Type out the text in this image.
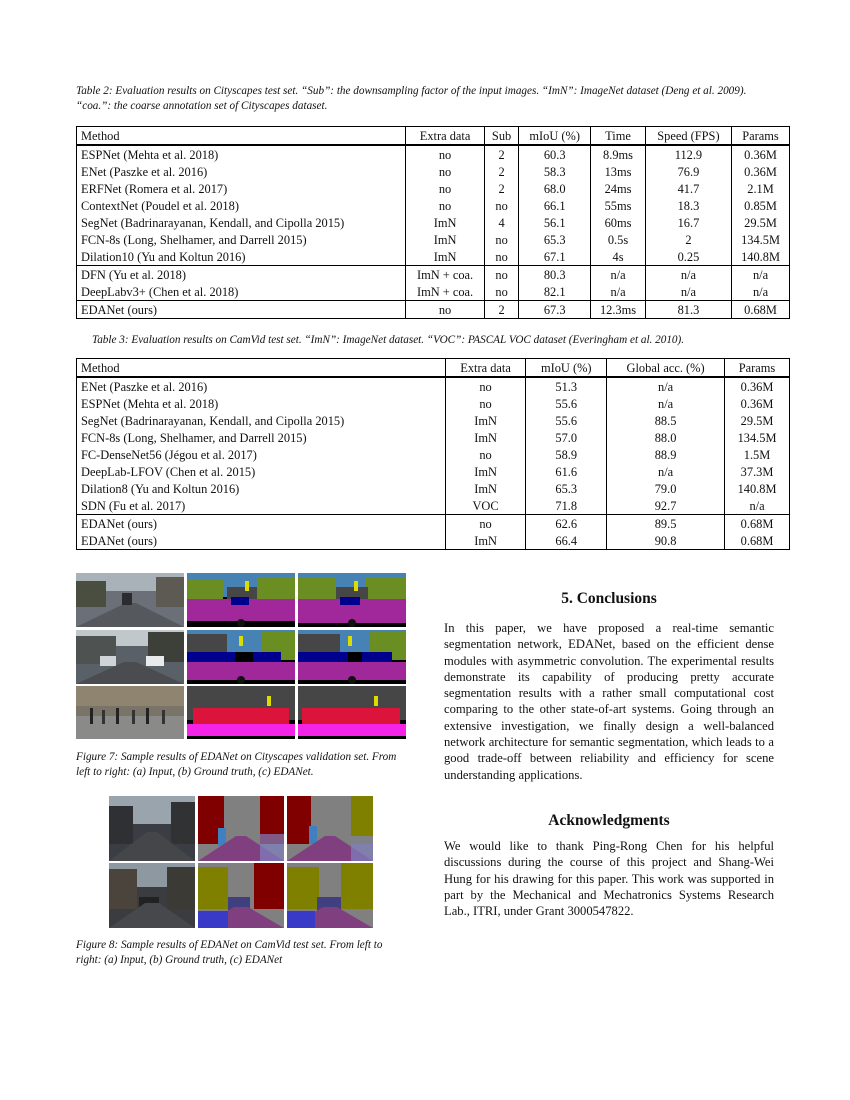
Table 2: Evaluation results on Cityscapes test set. “Sub”: the downsampling factor of the input images. “ImN”: ImageNet dataset (Deng et al. 2009). “coa.”: the coarse annotation set of Cityscapes dataset.
Method	Extra data	Sub	mIoU (%)	Time	Speed (FPS)	Params
ESPNet (Mehta et al. 2018)	no	2	60.3	8.9ms	112.9	0.36M
ENet (Paszke et al. 2016)	no	2	58.3	13ms	76.9	0.36M
ERFNet (Romera et al. 2017)	no	2	68.0	24ms	41.7	2.1M
ContextNet (Poudel et al. 2018)	no	no	66.1	55ms	18.3	0.85M
SegNet (Badrinarayanan, Kendall, and Cipolla 2015)	ImN	4	56.1	60ms	16.7	29.5M
FCN-8s (Long, Shelhamer, and Darrell 2015)	ImN	no	65.3	0.5s	2	134.5M
Dilation10 (Yu and Koltun 2016)	ImN	no	67.1	4s	0.25	140.8M
DFN (Yu et al. 2018)	ImN + coa.	no	80.3	n/a	n/a	n/a
DeepLabv3+ (Chen et al. 2018)	ImN + coa.	no	82.1	n/a	n/a	n/a
EDANet (ours)	no	2	67.3	12.3ms	81.3	0.68M
Table 3: Evaluation results on CamVid test set. “ImN”: ImageNet dataset. “VOC”: PASCAL VOC dataset (Everingham et al. 2010).
Method	Extra data	mIoU (%)	Global acc. (%)	Params
ENet (Paszke et al. 2016)	no	51.3	n/a	0.36M
ESPNet (Mehta et al. 2018)	no	55.6	n/a	0.36M
SegNet (Badrinarayanan, Kendall, and Cipolla 2015)	ImN	55.6	88.5	29.5M
FCN-8s (Long, Shelhamer, and Darrell 2015)	ImN	57.0	88.0	134.5M
FC-DenseNet56 (Jégou et al. 2017)	no	58.9	88.9	1.5M
DeepLab-LFOV (Chen et al. 2015)	ImN	61.6	n/a	37.3M
Dilation8 (Yu and Koltun 2016)	ImN	65.3	79.0	140.8M
SDN (Fu et al. 2017)	VOC	71.8	92.7	n/a
EDANet (ours)	no	62.6	89.5	0.68M
EDANet (ours)	ImN	66.4	90.8	0.68M
Figure 7: Sample results of EDANet on Cityscapes validation set. From left to right: (a) Input, (b) Ground truth, (c) EDANet.
Figure 8: Sample results of EDANet on CamVid test set. From left to right: (a) Input, (b) Ground truth, (c) EDANet
5. Conclusions
In this paper, we have proposed a real-time semantic segmentation network, EDANet, based on the efficient dense modules with asymmetric convolution. The experimental results demonstrate its capability of producing pretty accurate segmentation results with a rather small computational cost comparing to the other state-of-art systems. Going through an extensive investigation, we finally design a well-balanced network architecture for semantic segmentation, which leads to a good trade-off between reliability and efficiency for scene understanding applications.
Acknowledgments
We would like to thank Ping-Rong Chen for his helpful discussions during the course of this project and Shang-Wei Hung for his drawing for this paper. This work was supported in part by the Mechanical and Mechatronics Systems Research Lab., ITRI, under Grant 3000547822.
